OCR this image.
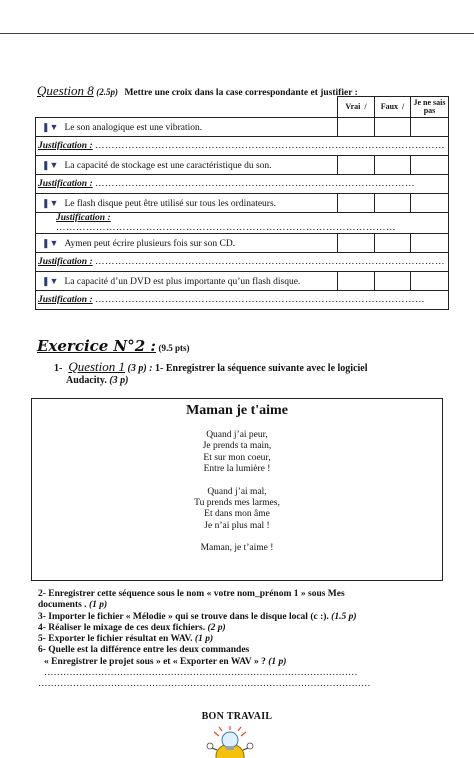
Question 8 (2.5p) Mettre une croix dans la case correspondante et justifier :
	Vrai /	Faux /	Je ne sais pas
❚▼ Le son analogique est une vibration.			
Justification : ……………………………………………………………………………………………			
❚▼ La capacité de stockage est une caractéristique du son.			
Justification : ……………………………………………………………………………………			
❚▼ Le flash disque peut être utilisé sur tous les ordinateurs.			
Justification : …………………………………………………………………………………………			
❚▼ Aymen peut écrire plusieurs fois sur son CD.			
Justification : ……………………………………………………………………………………………			
❚▼ La capacité d’un DVD est plus importante qu’un flash disque.			
Justification : ………………………………………………………………………………………			
Exercice N°2 : (9.5 pts)
1- Question 1 (3 p) : 1- Enregistrer la séquence suivante avec le logiciel
Audacity. (3 p)
Maman je t'aime
Quand j’ai peur,
Je prends ta main,
Et sur mon coeur,
Entre la lumière !
Quand j’ai mal,
Tu prends mes larmes,
Et dans mon âme
Je n’ai plus mal !
Maman, je t’aime !
2- Enregistrer cette séquence sous le nom « votre nom_prénom 1 » sous Mes
documents . (1 p)
3- Importer le fichier « Mélodie » qui se trouve dans le disque local (c :). (1.5 p)
4- Réaliser le mixage de ces deux fichiers. (2 p)
5- Exporter le fichier résultat en WAV. (1 p)
6- Quelle est la différence entre les deux commandes
« Enregistrer le projet sous » et « Exporter en WAV » ? (1 p)
………………………………………………………………………………………
……………………………………………………………………………………………
BON TRAVAIL
